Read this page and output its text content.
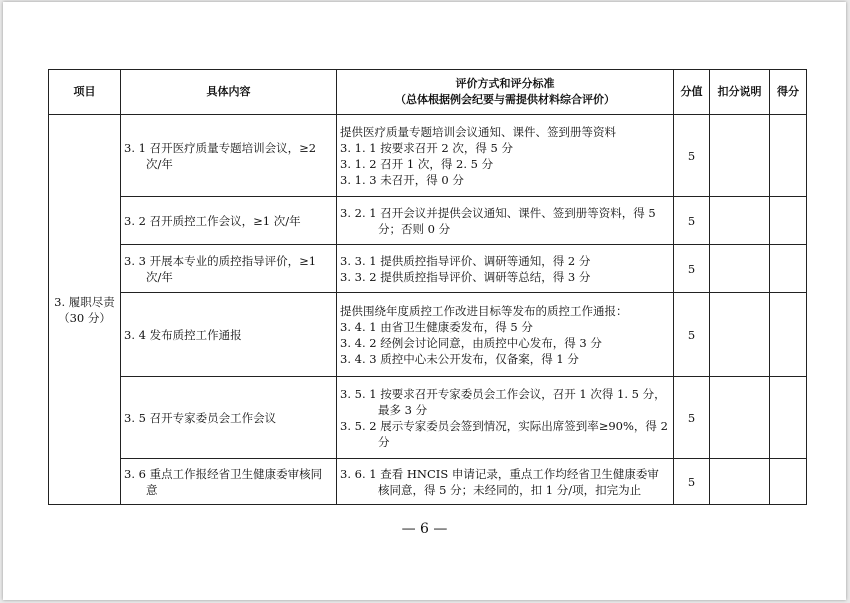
项目	具体内容	评价方式和评分标准
（总体根据例会纪要与需提供材料综合评价）	分值	扣分说明	得分

3. 履职尽责
（30 分）	3. 1 召开医疗质量专题培训会议，≥2 次/年	提供医疗质量专题培训会议通知、课件、签到册等资料
3. 1. 1 按要求召开 2 次，得 5 分
3. 1. 2 召开 1 次，得 2. 5 分
3. 1. 3 未召开，得 0 分	5		

	3. 2 召开质控工作会议，≥1 次/年	3. 2. 1 召开会议并提供会议通知、课件、签到册等资料，得 5 分；否则 0 分	5		

	3. 3 开展本专业的质控指导评价，≥1 次/年	3. 3. 1 提供质控指导评价、调研等通知，得 2 分
3. 3. 2 提供质控指导评价、调研等总结，得 3 分	5		

	3. 4 发布质控工作通报	提供围绕年度质控工作改进目标等发布的质控工作通报：
3. 4. 1 由省卫生健康委发布，得 5 分
3. 4. 2 经例会讨论同意，由质控中心发布，得 3 分
3. 4. 3 质控中心未公开发布，仅备案，得 1 分	5		

	3. 5 召开专家委员会工作会议	3. 5. 1 按要求召开专家委员会工作会议，召开 1 次得 1. 5 分，最多 3 分
3. 5. 2 展示专家委员会签到情况，实际出席签到率≥90%，得 2 分	5		

	3. 6 重点工作报经省卫生健康委审核同意	3. 6. 1 查看 HNCIS 申请记录，重点工作均经省卫生健康委审核同意，得 5 分；未经同的，扣 1 分/项，扣完为止	5		
— 6 —
